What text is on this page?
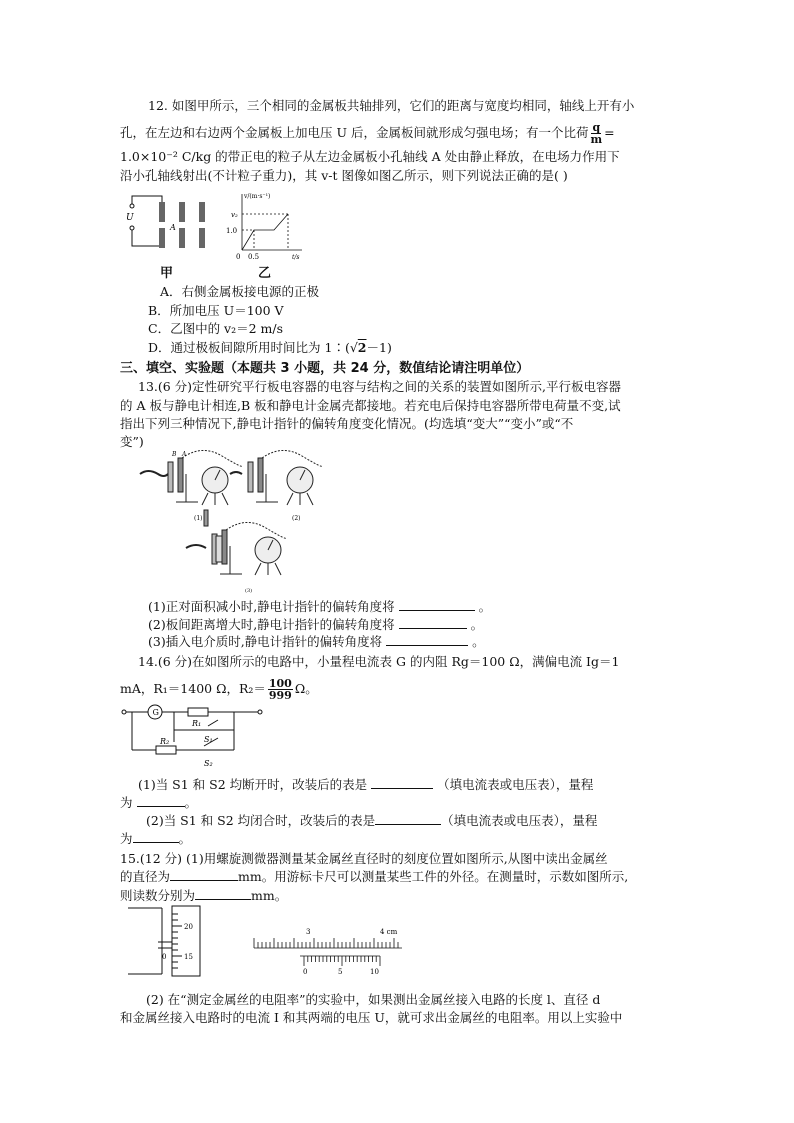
12. 如图甲所示，三个相同的金属板共轴排列，它们的距离与宽度均相同，轴线上开有小
孔，在左边和右边两个金属板上加电压 U 后，金属板间就形成匀强电场；有一个比荷 $\frac{q}{m}$ =
1.0×10⁻² C/kg 的带正电的粒子从左边金属板小孔轴线 A 处由静止释放，在电场力作用下
沿小孔轴线射出(不计粒子重力)，其 v-t 图像如图乙所示，则下列说法正确的是( )
U
A
甲
v/(m·s⁻¹)
v₂
1.0
0 0.5	t/s
乙
A．右侧金属板接电源的正极
B．所加电压 U＝100 V
C．乙图中的 v₂＝2 m/s
D．通过极板间隙所用时间比为 1∶(√2－1)
三、填空、实验题（本题共 3 小题，共 24 分，数值结论请注明单位）
13.(6 分)定性研究平行板电容器的电容与结构之间的关系的装置如图所示,平行板电容器
的 A 板与静电计相连,B 板和静电计金属壳都接地。若充电后保持电容器所带电荷量不变,试
指出下列三种情况下,静电计指针的偏转角度变化情况。(均选填“变大”“变小”或“不
变”)
B A
(1)	(2)
(3)
(1)正对面积减小时,静电计指针的偏转角度将	。
(2)板间距离增大时,静电计指针的偏转角度将	。
(3)插入电介质时,静电计指针的偏转角度将	。
14.(6 分)在如图所示的电路中，小量程电流表 G 的内阻 Rg＝100 Ω，满偏电流 Ig＝1
mA，R₁＝1400 Ω，$R_2= \frac{100}{999}$ Ω。
G
R₁
R₂	S₁
S₂
(1)当 S1 和 S2 均断开时，改装后的表是	（填电流表或电压表），量程
为	。
(2)当 S1 和 S2 均闭合时，改装后的表是	（填电流表或电压表），量程
为	。
15.(12 分) (1)用螺旋测微器测量某金属丝直径时的刻度位置如图所示,从图中读出金属丝
的直径为	mm。用游标卡尺可以测量某些工件的外径。在测量时，示数如图所示,
则读数分别为	mm。
20
15
0
3	4 cm
0	5	10
(2) 在“测定金属丝的电阻率”的实验中，如果测出金属丝接入电路的长度 l、直径 d
和金属丝接入电路时的电流 I 和其两端的电压 U，就可求出金属丝的电阻率。用以上实验中
